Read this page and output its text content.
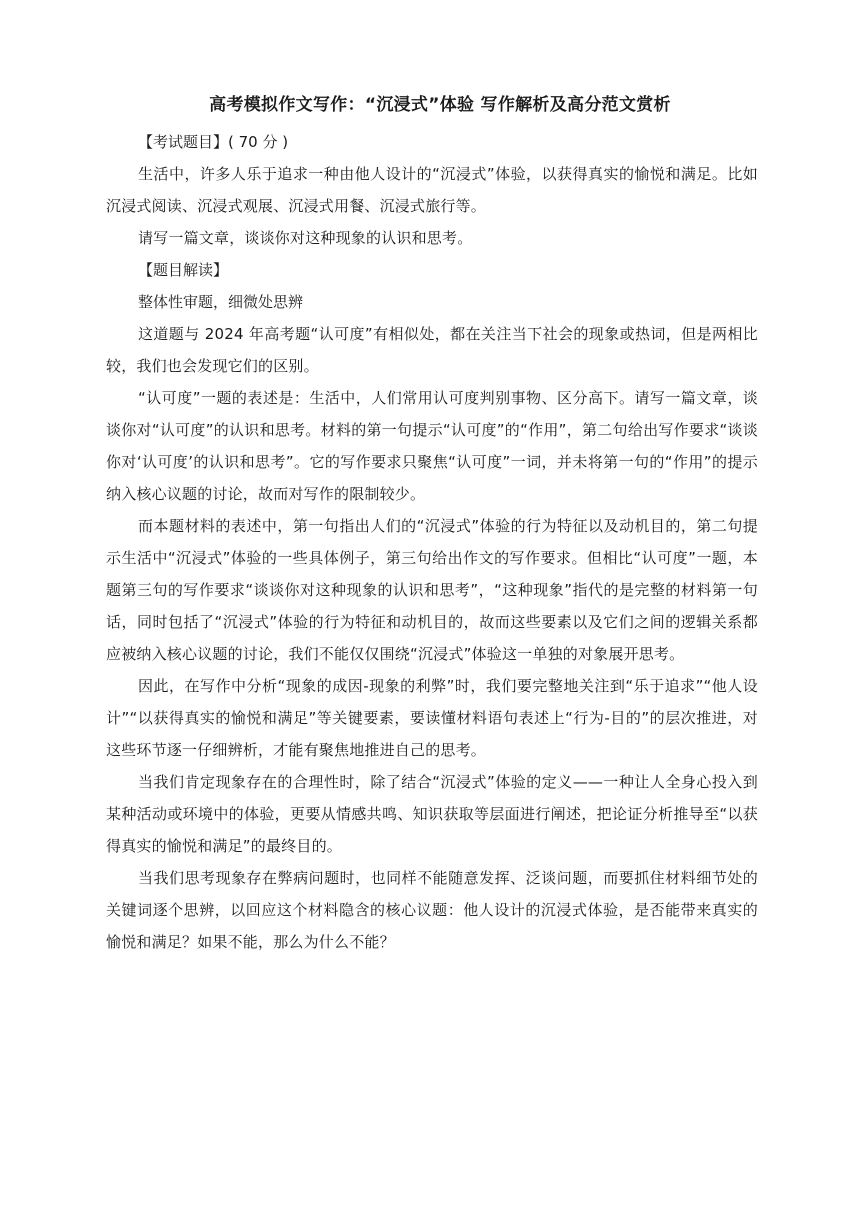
高考模拟作文写作：“沉浸式”体验 写作解析及高分范文赏析

【考试题目】( 70 分 )

生活中，许多人乐于追求一种由他人设计的“沉浸式”体验，以获得真实的愉悦和满足。比如沉浸式阅读、沉浸式观展、沉浸式用餐、沉浸式旅行等。

请写一篇文章，谈谈你对这种现象的认识和思考。

【题目解读】

整体性审题，细微处思辨

这道题与 2024 年高考题“认可度”有相似处，都在关注当下社会的现象或热词，但是两相比较，我们也会发现它们的区别。

“认可度”一题的表述是：生活中，人们常用认可度判别事物、区分高下。请写一篇文章，谈谈你对“认可度”的认识和思考。材料的第一句提示“认可度”的“作用”，第二句给出写作要求“谈谈你对‘认可度’的认识和思考”。它的写作要求只聚焦“认可度”一词，并未将第一句的“作用”的提示纳入核心议题的讨论，故而对写作的限制较少。

而本题材料的表述中，第一句指出人们的“沉浸式”体验的行为特征以及动机目的，第二句提示生活中“沉浸式”体验的一些具体例子，第三句给出作文的写作要求。但相比“认可度”一题，本题第三句的写作要求“谈谈你对这种现象的认识和思考”，“这种现象”指代的是完整的材料第一句话，同时包括了“沉浸式”体验的行为特征和动机目的，故而这些要素以及它们之间的逻辑关系都应被纳入核心议题的讨论，我们不能仅仅围绕“沉浸式”体验这一单独的对象展开思考。

因此，在写作中分析“现象的成因-现象的利弊”时，我们要完整地关注到“乐于追求”“他人设计”“以获得真实的愉悦和满足”等关键要素，要读懂材料语句表述上“行为-目的”的层次推进，对这些环节逐一仔细辨析，才能有聚焦地推进自己的思考。

当我们肯定现象存在的合理性时，除了结合“沉浸式”体验的定义——一种让人全身心投入到某种活动或环境中的体验，更要从情感共鸣、知识获取等层面进行阐述，把论证分析推导至“以获得真实的愉悦和满足”的最终目的。

当我们思考现象存在弊病问题时，也同样不能随意发挥、泛谈问题，而要抓住材料细节处的关键词逐个思辨，以回应这个材料隐含的核心议题：他人设计的沉浸式体验，是否能带来真实的愉悦和满足？如果不能，那么为什么不能？
